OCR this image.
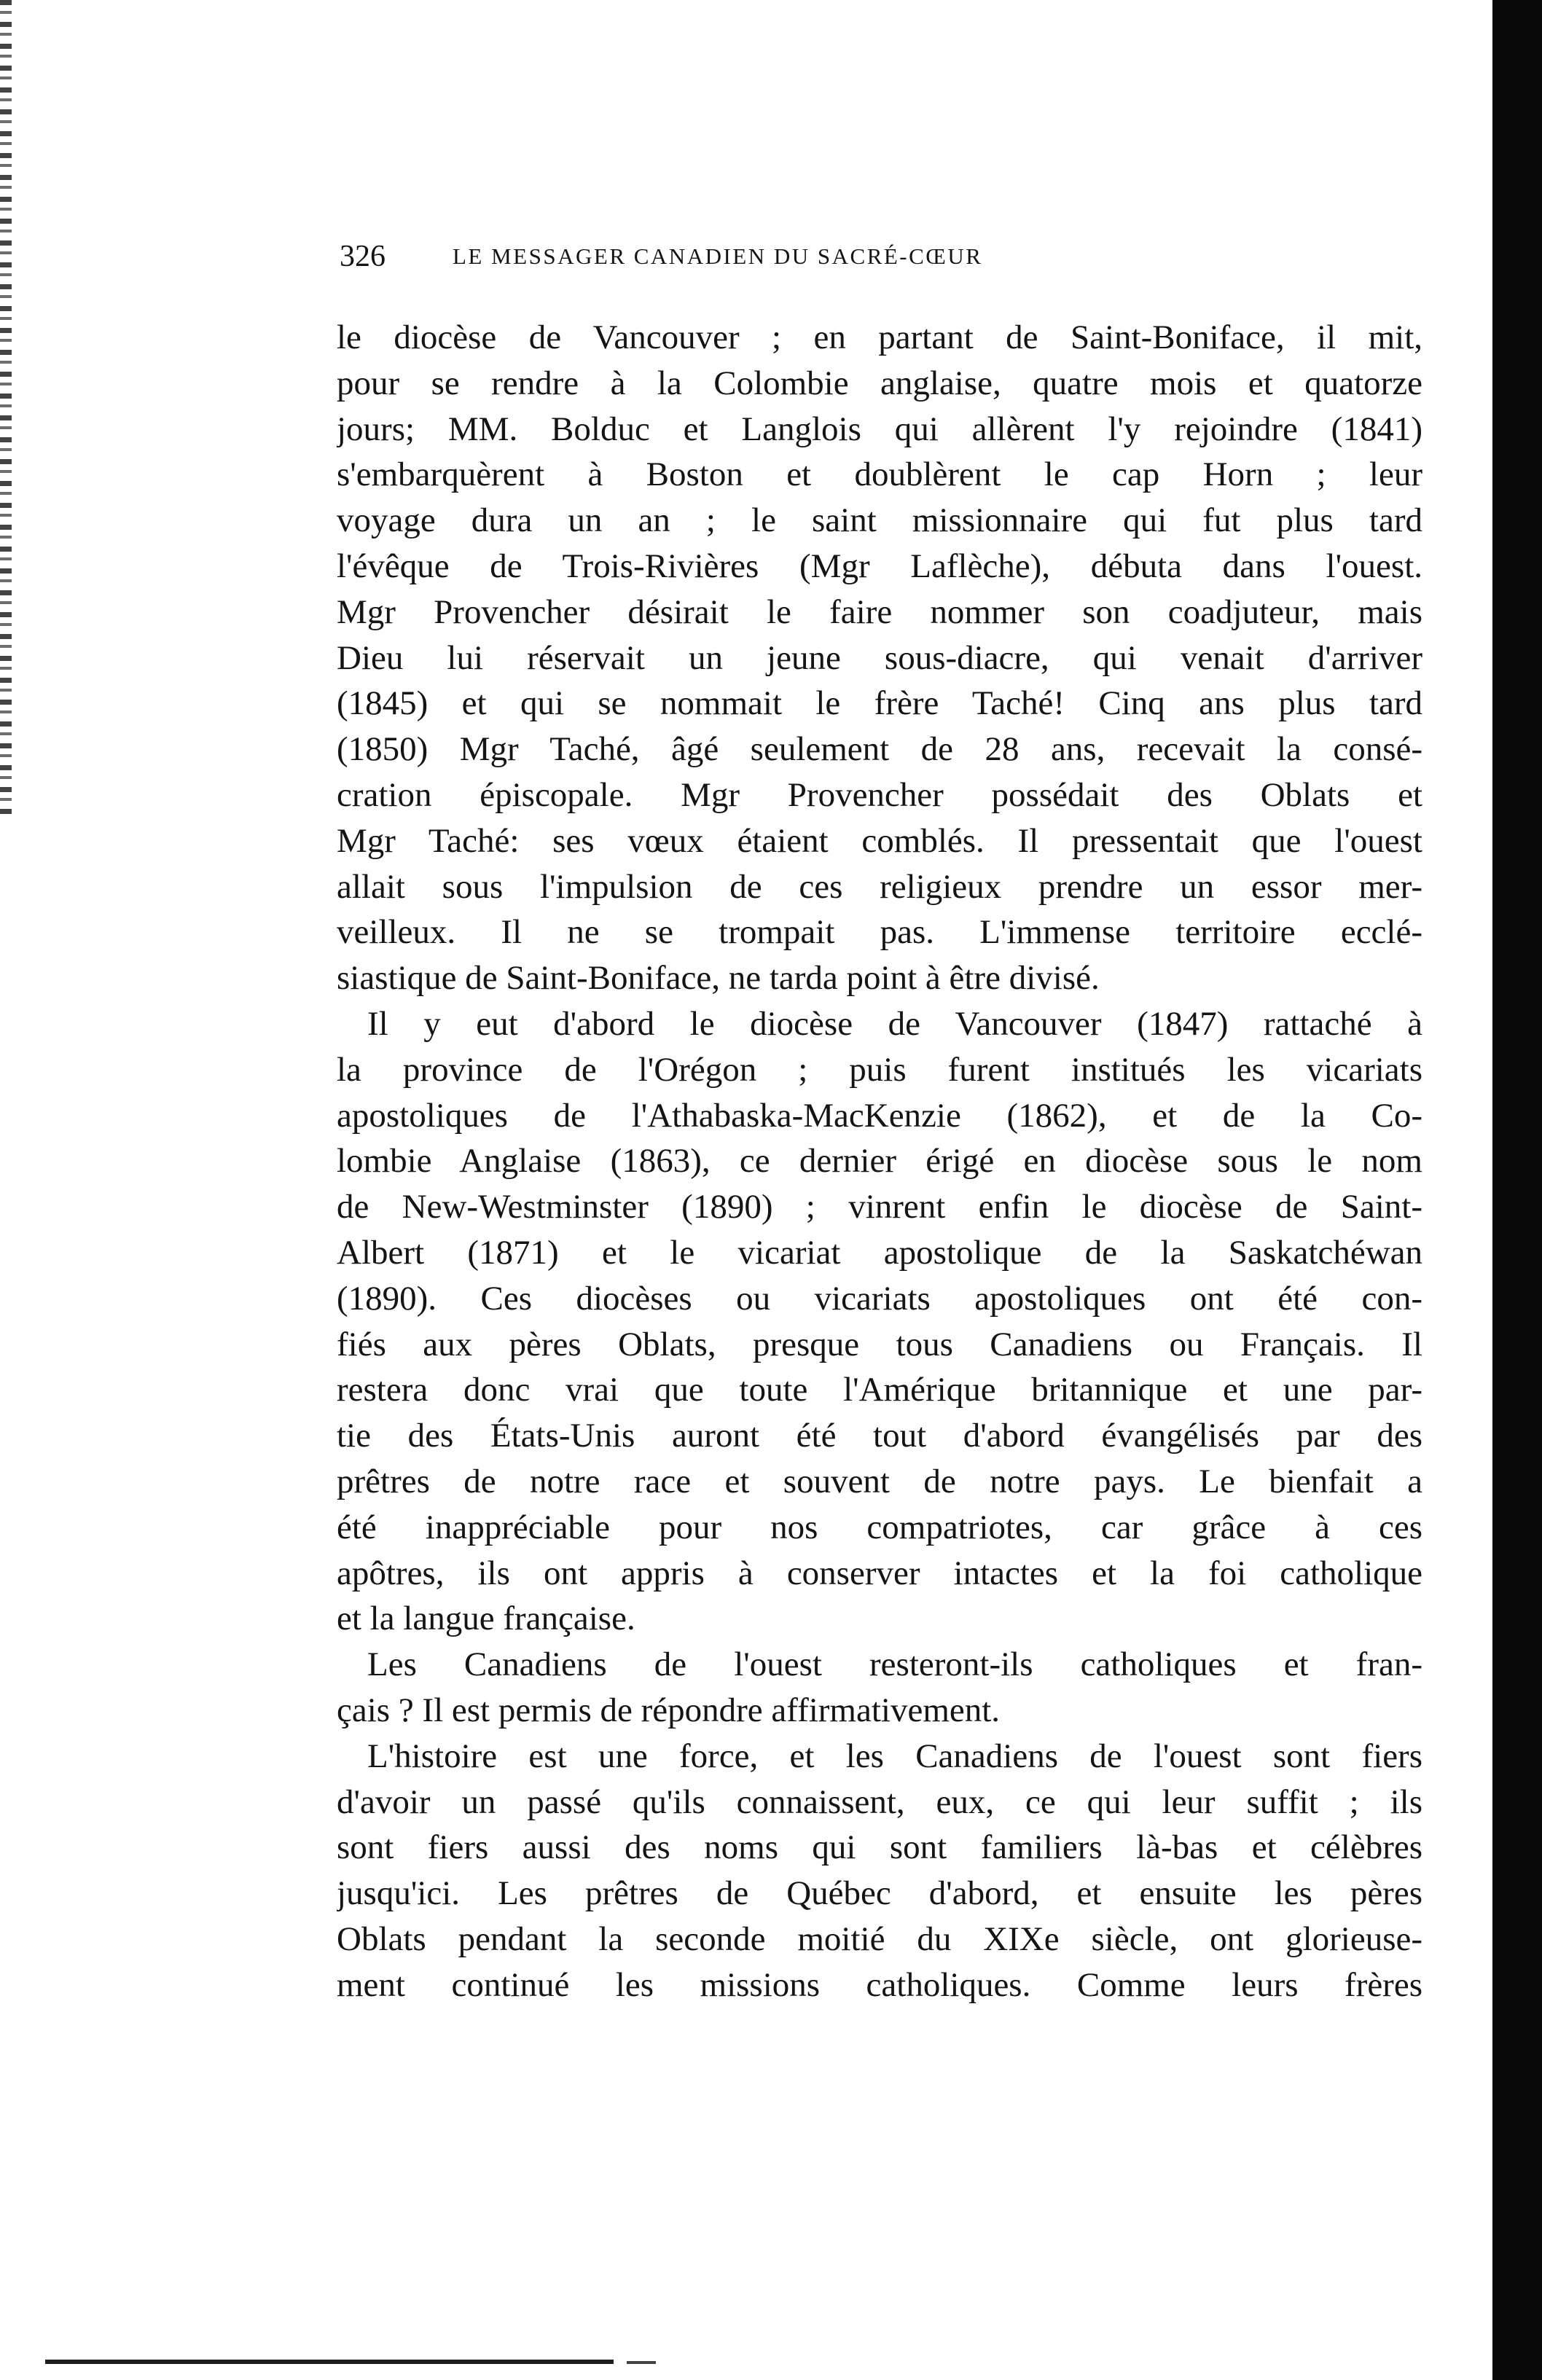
326	LE MESSAGER CANADIEN DU SACRÉ-CŒUR
le diocèse de Vancouver ; en partant de Saint-Boniface, il mit,
pour se rendre à la Colombie anglaise, quatre mois et quatorze
jours; MM. Bolduc et Langlois qui allèrent l'y rejoindre (1841)
s'embarquèrent à Boston et doublèrent le cap Horn ; leur
voyage dura un an ; le saint missionnaire qui fut plus tard
l'évêque de Trois-Rivières (Mgr Laflèche), débuta dans l'ouest.
Mgr Provencher désirait le faire nommer son coadjuteur, mais
Dieu lui réservait un jeune sous-diacre, qui venait d'arriver
(1845) et qui se nommait le frère Taché! Cinq ans plus tard
(1850) Mgr Taché, âgé seulement de 28 ans, recevait la consé-
cration épiscopale. Mgr Provencher possédait des Oblats et
Mgr Taché: ses vœux étaient comblés. Il pressentait que l'ouest
allait sous l'impulsion de ces religieux prendre un essor mer-
veilleux. Il ne se trompait pas. L'immense territoire ecclé-
siastique de Saint-Boniface, ne tarda point à être divisé.
Il y eut d'abord le diocèse de Vancouver (1847) rattaché à
la province de l'Orégon ; puis furent institués les vicariats
apostoliques de l'Athabaska-MacKenzie (1862), et de la Co-
lombie Anglaise (1863), ce dernier érigé en diocèse sous le nom
de New-Westminster (1890) ; vinrent enfin le diocèse de Saint-
Albert (1871) et le vicariat apostolique de la Saskatchéwan
(1890). Ces diocèses ou vicariats apostoliques ont été con-
fiés aux pères Oblats, presque tous Canadiens ou Français. Il
restera donc vrai que toute l'Amérique britannique et une par-
tie des États-Unis auront été tout d'abord évangélisés par des
prêtres de notre race et souvent de notre pays. Le bienfait a
été inappréciable pour nos compatriotes, car grâce à ces
apôtres, ils ont appris à conserver intactes et la foi catholique
et la langue française.
Les Canadiens de l'ouest resteront-ils catholiques et fran-
çais ? Il est permis de répondre affirmativement.
L'histoire est une force, et les Canadiens de l'ouest sont fiers
d'avoir un passé qu'ils connaissent, eux, ce qui leur suffit ; ils
sont fiers aussi des noms qui sont familiers là-bas et célèbres
jusqu'ici. Les prêtres de Québec d'abord, et ensuite les pères
Oblats pendant la seconde moitié du XIXe siècle, ont glorieuse-
ment continué les missions catholiques. Comme leurs frères
